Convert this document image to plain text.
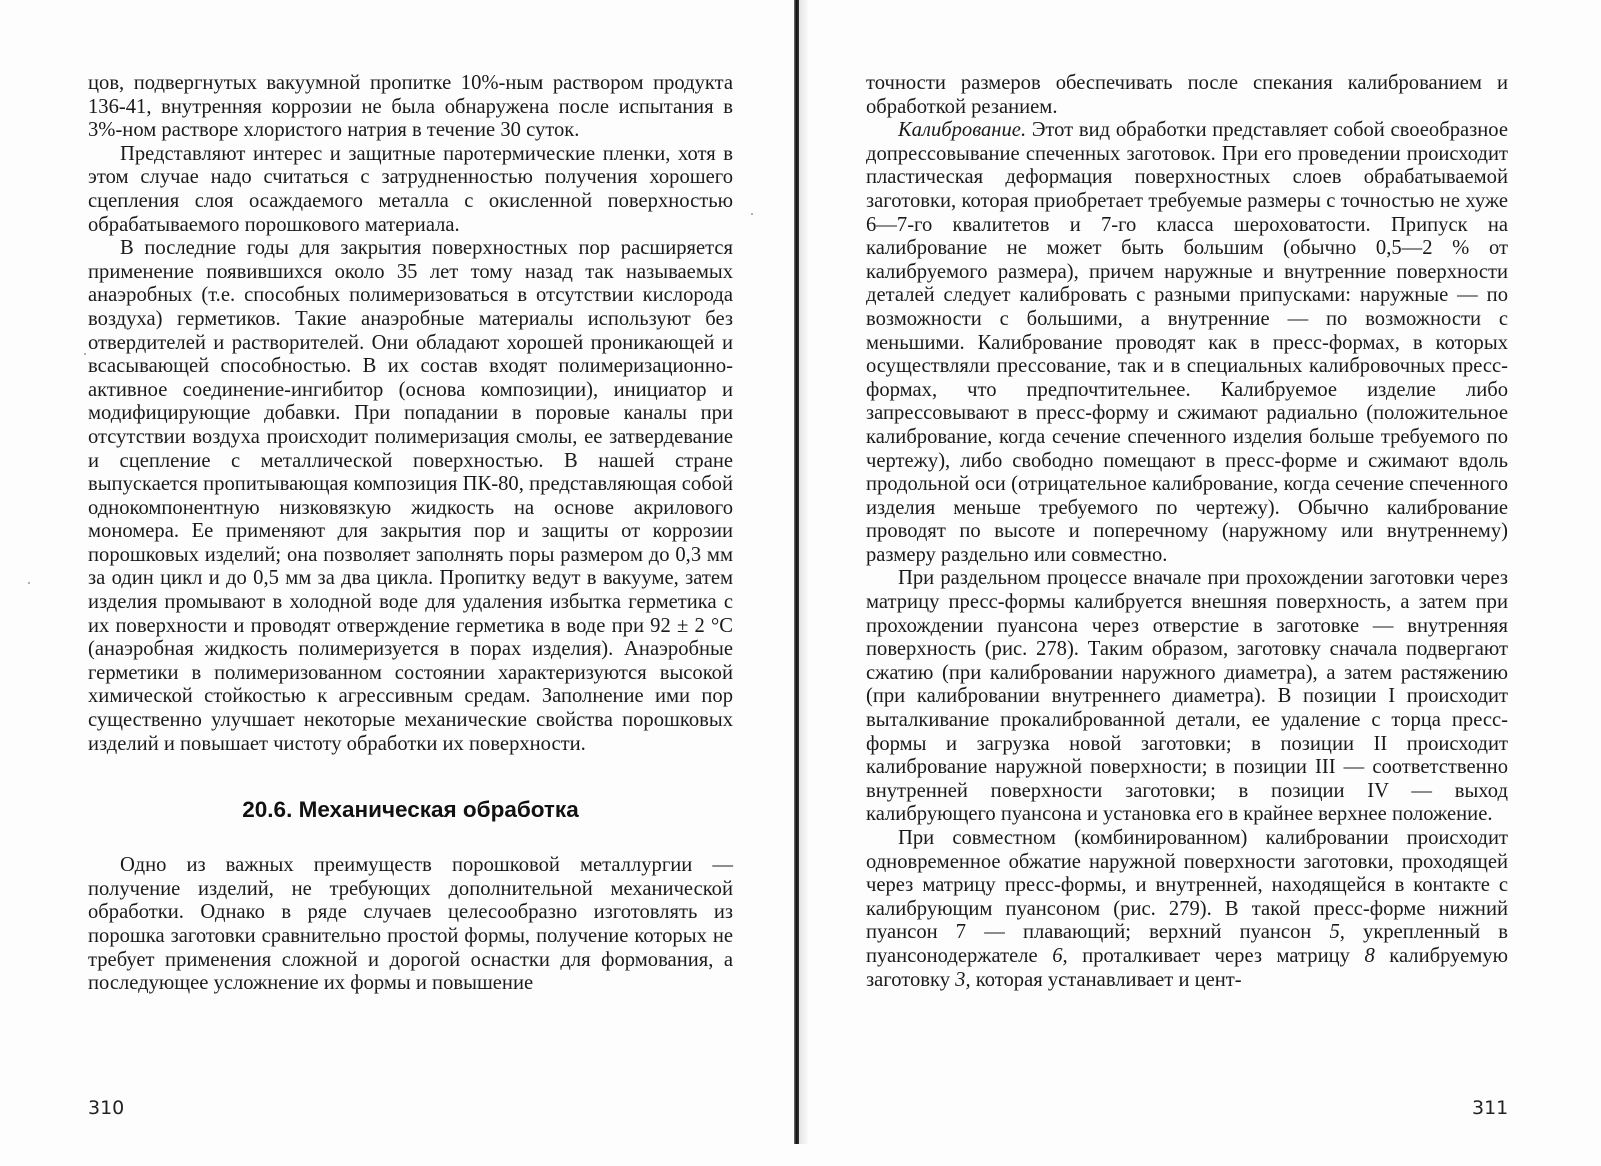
цов, подвергнутых вакуумной пропитке 10%-ным раствором продукта 136-41, внутренняя коррозии не была обнаружена после испытания в 3%-ном растворе хлористого натрия в течение 30 суток.

Представляют интерес и защитные паротермические пленки, хотя в этом случае надо считаться с затрудненностью получения хорошего сцепления слоя осаждаемого металла с окисленной поверхностью обрабатываемого порошкового материала.

В последние годы для закрытия поверхностных пор расширяется применение появившихся около 35 лет тому назад так называемых анаэробных (т.е. способных полимеризоваться в отсутствии кислорода воздуха) герметиков. Такие анаэробные материалы используют без отвердителей и растворителей. Они обладают хорошей проникающей и всасывающей способностью. В их состав входят полимеризационно-активное соединение-ингибитор (основа композиции), инициатор и модифицирующие добавки. При попадании в поровые каналы при отсутствии воздуха происходит полимеризация смолы, ее затвердевание и сцепление с металлической поверхностью. В нашей стране выпускается пропитывающая композиция ПК-80, представляющая собой однокомпонентную низковязкую жидкость на основе акрилового мономера. Ее применяют для закрытия пор и защиты от коррозии порошковых изделий; она позволяет заполнять поры размером до 0,3 мм за один цикл и до 0,5 мм за два цикла. Пропитку ведут в вакууме, затем изделия промывают в холодной воде для удаления избытка герметика с их поверхности и проводят отверждение герметика в воде при 92 ± 2 °С (анаэробная жидкость полимеризуется в порах изделия). Анаэробные герметики в полимеризованном состоянии характеризуются высокой химической стойкостью к агрессивным средам. Заполнение ими пор существенно улучшает некоторые механические свойства порошковых изделий и повышает чистоту обработки их поверхности.

20.6. Механическая обработка

Одно из важных преимуществ порошковой металлургии — получение изделий, не требующих дополнительной механической обработки. Однако в ряде случаев целесообразно изготовлять из порошка заготовки сравнительно простой формы, получение которых не требует применения сложной и дорогой оснастки для формования, а последующее усложнение их формы и повышение

310

точности размеров обеспечивать после спекания калиброванием и обработкой резанием.

Калибрование. Этот вид обработки представляет собой своеобразное допрессовывание спеченных заготовок. При его проведении происходит пластическая деформация поверхностных слоев обрабатываемой заготовки, которая приобретает требуемые размеры с точностью не хуже 6—7-го квалитетов и 7-го класса шероховатости. Припуск на калибрование не может быть большим (обычно 0,5—2 % от калибруемого размера), причем наружные и внутренние поверхности деталей следует калибровать с разными припусками: наружные — по возможности с большими, а внутренние — по возможности с меньшими. Калибрование проводят как в пресс-формах, в которых осуществляли прессование, так и в специальных калибровочных пресс-формах, что предпочтительнее. Калибруемое изделие либо запрессовывают в пресс-форму и сжимают радиально (положительное калибрование, когда сечение спеченного изделия больше требуемого по чертежу), либо свободно помещают в пресс-форме и сжимают вдоль продольной оси (отрицательное калибрование, когда сечение спеченного изделия меньше требуемого по чертежу). Обычно калибрование проводят по высоте и поперечному (наружному или внутреннему) размеру раздельно или совместно.

При раздельном процессе вначале при прохождении заготовки через матрицу пресс-формы калибруется внешняя поверхность, а затем при прохождении пуансона через отверстие в заготовке — внутренняя поверхность (рис. 278). Таким образом, заготовку сначала подвергают сжатию (при калибровании наружного диаметра), а затем растяжению (при калибровании внутреннего диаметра). В позиции I происходит выталкивание прокалиброванной детали, ее удаление с торца пресс-формы и загрузка новой заготовки; в позиции II происходит калибрование наружной поверхности; в позиции III — соответственно внутренней поверхности заготовки; в позиции IV — выход калибрующего пуансона и установка его в крайнее верхнее положение.

При совместном (комбинированном) калибровании происходит одновременное обжатие наружной поверхности заготовки, проходящей через матрицу пресс-формы, и внутренней, находящейся в контакте с калибрующим пуансоном (рис. 279). В такой пресс-форме нижний пуансон 7 — плавающий; верхний пуансон 5, укрепленный в пуансонодержателе 6, проталкивает через матрицу 8 калибруемую заготовку 3, которая устанавливает и цент-

311
